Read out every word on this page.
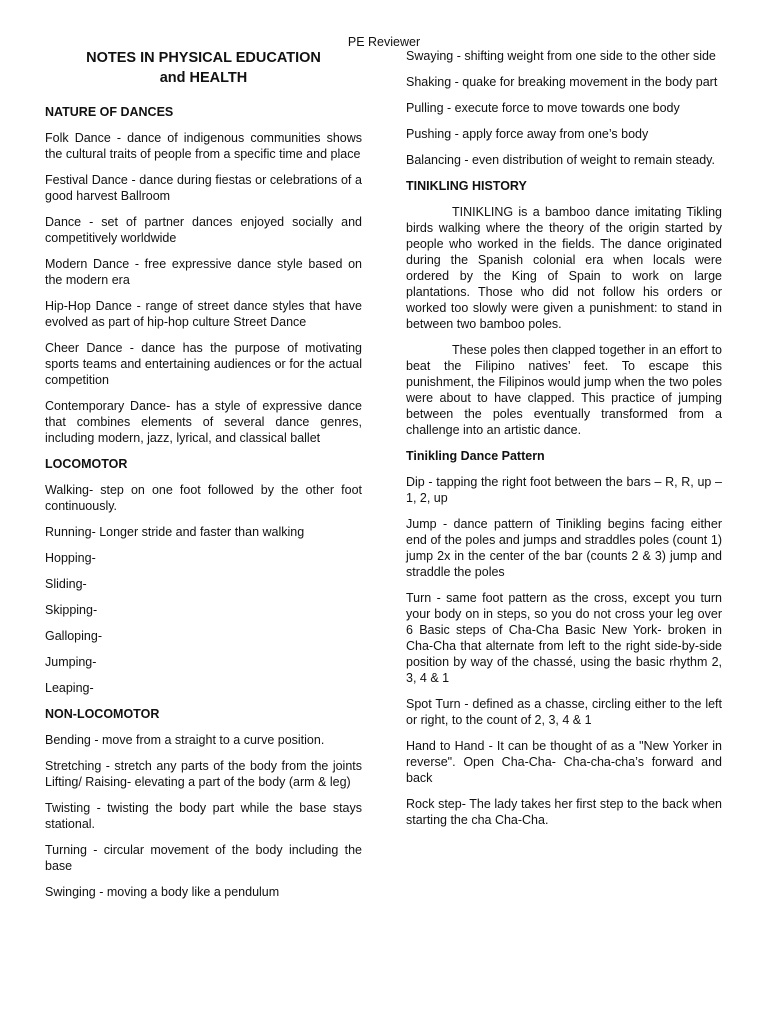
PE Reviewer
NOTES IN PHYSICAL EDUCATION
and HEALTH
NATURE OF DANCES

Folk Dance - dance of indigenous communities shows the cultural traits of people from a specific time and place

Festival Dance - dance during fiestas or celebrations of a good harvest Ballroom

Dance - set of partner dances enjoyed socially and competitively worldwide

Modern Dance - free expressive dance style based on the modern era

Hip-Hop Dance - range of street dance styles that have evolved as part of hip-hop culture Street Dance

Cheer Dance - dance has the purpose of motivating sports teams and entertaining audiences or for the actual competition

Contemporary Dance- has a style of expressive dance that combines elements of several dance genres, including modern, jazz, lyrical, and classical ballet

LOCOMOTOR

Walking- step on one foot followed by the other foot continuously.

Running- Longer stride and faster than walking

Hopping-

Sliding-

Skipping-

Galloping-

Jumping-

Leaping-

NON-LOCOMOTOR

Bending - move from a straight to a curve position.

Stretching - stretch any parts of the body from the joints Lifting/ Raising- elevating a part of the body (arm & leg)

Twisting - twisting the body part while the base stays stational.

Turning - circular movement of the body including the base

Swinging - moving a body like a pendulum

Swaying - shifting weight from one side to the other side

Shaking - quake for breaking movement in the body part

Pulling - execute force to move towards one body

Pushing - apply force away from one’s body

Balancing - even distribution of weight to remain steady.

TINIKLING HISTORY

TINIKLING is a bamboo dance imitating Tikling birds walking where the theory of the origin started by people who worked in the fields. The dance originated during the Spanish colonial era when locals were ordered by the King of Spain to work on large plantations. Those who did not follow his orders or worked too slowly were given a punishment: to stand in between two bamboo poles.

These poles then clapped together in an effort to beat the Filipino natives’ feet. To escape this punishment, the Filipinos would jump when the two poles were about to have clapped. This practice of jumping between the poles eventually transformed from a challenge into an artistic dance.

Tinikling Dance Pattern

Dip - tapping the right foot between the bars – R, R, up – 1, 2, up

Jump - dance pattern of Tinikling begins facing either end of the poles and jumps and straddles poles (count 1) jump 2x in the center of the bar (counts 2 & 3) jump and straddle the poles

Turn - same foot pattern as the cross, except you turn your body on in steps, so you do not cross your leg over 6 Basic steps of Cha-Cha Basic New York- broken in Cha-Cha that alternate from left to the right side-by-side position by way of the chassé, using the basic rhythm 2, 3, 4 & 1

Spot Turn - defined as a chasse, circling either to the left or right, to the count of 2, 3, 4 & 1

Hand to Hand - It can be thought of as a "New Yorker in reverse". Open Cha-Cha- Cha-cha-cha’s forward and back

Rock step- The lady takes her first step to the back when starting the cha Cha-Cha.
